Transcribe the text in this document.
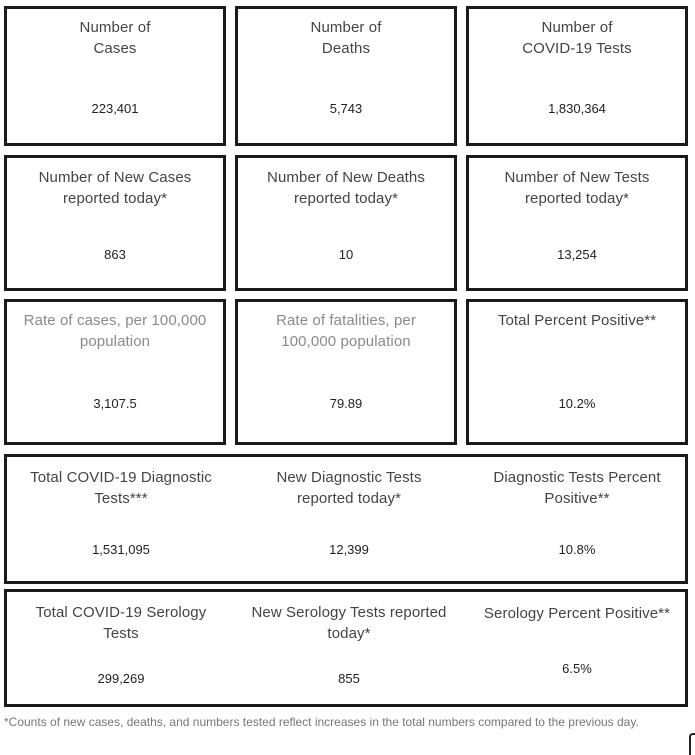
Number of
Cases
223,401
Number of
Deaths
5,743
Number of
COVID-19 Tests
1,830,364
Number of New Cases
reported today*
863
Number of New Deaths
reported today*
10
Number of New Tests
reported today*
13,254
Rate of cases, per 100,000
population
3,107.5
Rate of fatalities, per
100,000 population
79.89
Total Percent Positive**
10.2%
Total COVID-19 Diagnostic
Tests***
1,531,095
New Diagnostic Tests
reported today*
12,399
Diagnostic Tests Percent
Positive**
10.8%
Total COVID-19 Serology
Tests
299,269
New Serology Tests reported
today*
855
Serology Percent Positive**
6.5%
*Counts of new cases, deaths, and numbers tested reflect increases in the total numbers compared to the previous day.
